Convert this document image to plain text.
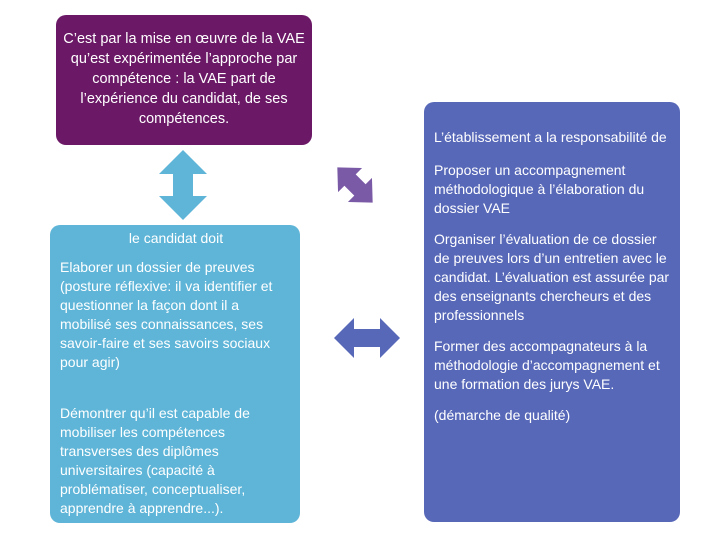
C’est par la mise en œuvre de la VAE qu’est expérimentée l’approche par compétence : la VAE part de l’expérience du candidat, de ses compétences.
le candidat doit
Elaborer un dossier de preuves (posture réflexive: il va identifier et questionner la façon dont il a mobilisé ses connaissances, ses savoir-faire et ses savoirs sociaux pour agir)
Démontrer qu’il est capable de mobiliser les compétences transverses des diplômes universitaires (capacité à problématiser, conceptualiser, apprendre à apprendre...).

L’établissement a la responsabilité de

Proposer un accompagnement méthodologique à l’élaboration du dossier VAE

Organiser l’évaluation de ce dossier de preuves lors d’un entretien avec le candidat. L’évaluation est assurée par des enseignants chercheurs et des professionnels

Former des accompagnateurs à la méthodologie d’accompagnement et une formation des jurys VAE.

(démarche de qualité)
